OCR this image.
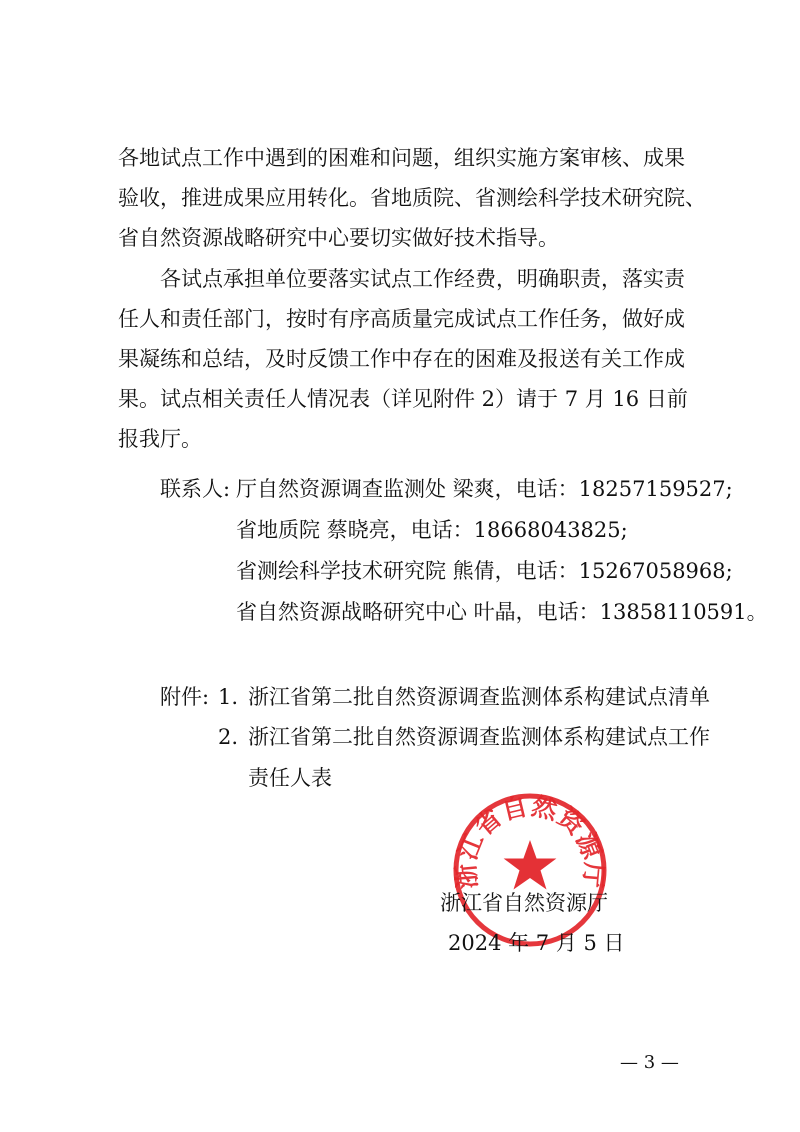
各地试点工作中遇到的困难和问题，组织实施方案审核、成果
验收，推进成果应用转化。省地质院、省测绘科学技术研究院、
省自然资源战略研究中心要切实做好技术指导。
各试点承担单位要落实试点工作经费，明确职责，落实责
任人和责任部门，按时有序高质量完成试点工作任务，做好成
果凝练和总结，及时反馈工作中存在的困难及报送有关工作成
果。试点相关责任人情况表（详见附件 2）请于 7 月 16 日前
报我厅。
联系人: 厅自然资源调查监测处 梁爽，电话：18257159527;
省地质院 蔡晓亮，电话：18668043825;
省测绘科学技术研究院 熊倩，电话：15267058968;
省自然资源战略研究中心 叶晶，电话：13858110591。
附件: 1. 浙江省第二批自然资源调查监测体系构建试点清单
2. 浙江省第二批自然资源调查监测体系构建试点工作
责任人表
浙江省自然资源厅
浙江省自然资源厅
2024 年 7 月 5 日
— 3 —
